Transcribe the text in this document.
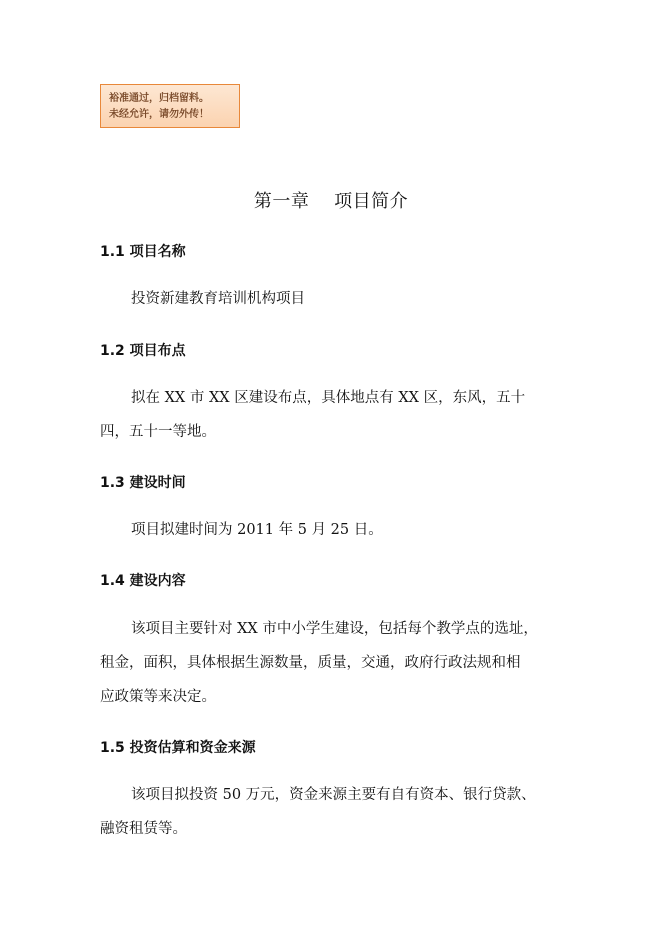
裕准通过，归档留料。
未经允许，请勿外传！
第一章　 项目简介
1.1 项目名称
投资新建教育培训机构项目
1.2 项目布点
拟在 XX 市 XX 区建设布点，具体地点有 XX 区，东风，五十
四，五十一等地。
1.3 建设时间
项目拟建时间为 2011 年 5 月 25 日。
1.4 建设内容
该项目主要针对 XX 市中小学生建设，包括每个教学点的选址，
租金，面积，具体根据生源数量，质量，交通，政府行政法规和相
应政策等来决定。
1.5 投资估算和资金来源
该项目拟投资 50 万元，资金来源主要有自有资本、银行贷款、
融资租赁等。
